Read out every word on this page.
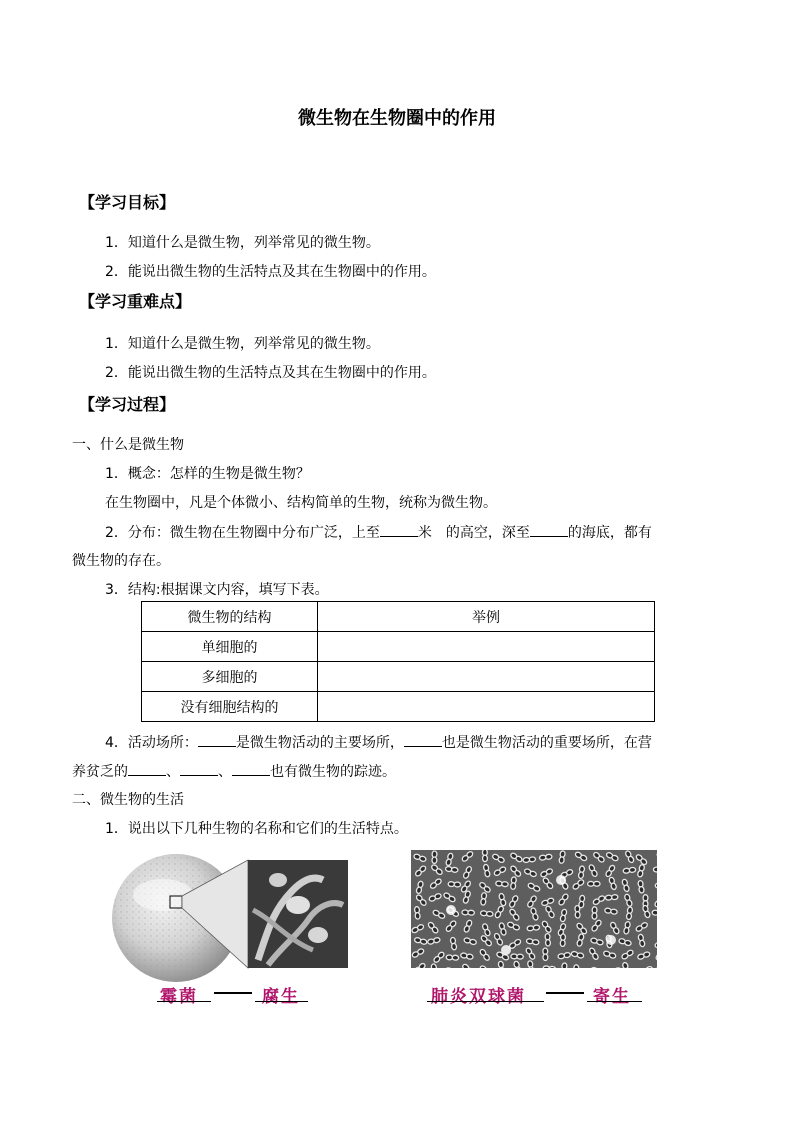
微生物在生物圈中的作用
【学习目标】
1．知道什么是微生物，列举常见的微生物。
2．能说出微生物的生活特点及其在生物圈中的作用。
【学习重难点】
1．知道什么是微生物，列举常见的微生物。
2．能说出微生物的生活特点及其在生物圈中的作用。
【学习过程】
一、什么是微生物
1．概念：怎样的生物是微生物？
在生物圈中，凡是个体微小、结构简单的生物，统称为微生物。
2．分布：微生物在生物圈中分布广泛，上至	米　的高空，深至	的海底，都有
微生物的存在。
3．结构:根据课文内容，填写下表。
微生物的结构	举例
单细胞的	
多细胞的	
没有细胞结构的	
4．活动场所：	是微生物活动的主要场所，	也是微生物活动的重要场所，在营
养贫乏的	、	、	也有微生物的踪迹。
二、微生物的生活
1．说出以下几种生物的名称和它们的生活特点。
霉菌	腐生	肺炎双球菌	寄生
